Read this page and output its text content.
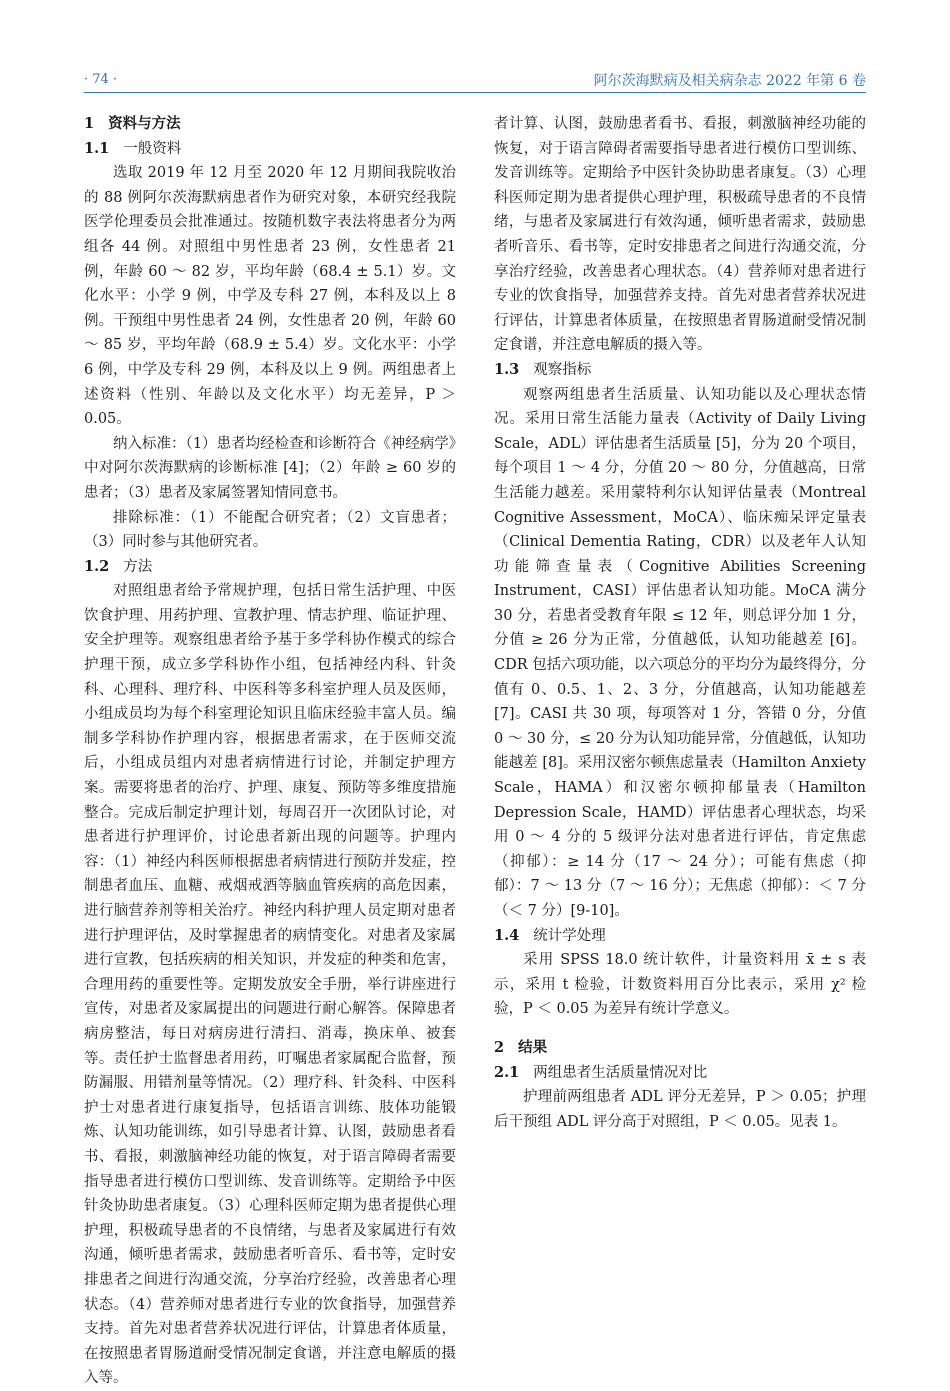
· 74 ·	阿尔茨海默病及相关病杂志 2022 年第 6 卷

1 资料与方法

1.1 一般资料

选取 2019 年 12 月至 2020 年 12 月期间我院收治的 88 例阿尔茨海默病患者作为研究对象，本研究经我院医学伦理委员会批准通过。按随机数字表法将患者分为两组各 44 例。对照组中男性患者 23 例，女性患者 21 例，年龄 60 ～ 82 岁，平均年龄（68.4 ± 5.1）岁。文化水平：小学 9 例，中学及专科 27 例，本科及以上 8 例。干预组中男性患者 24 例，女性患者 20 例，年龄 60 ～ 85 岁，平均年龄（68.9 ± 5.4）岁。文化水平：小学 6 例，中学及专科 29 例，本科及以上 9 例。两组患者上述资料（性别、年龄以及文化水平）均无差异，P ＞ 0.05。

纳入标准：（1）患者均经检查和诊断符合《神经病学》中对阿尔茨海默病的诊断标准 [4]；（2）年龄 ≥ 60 岁的患者；（3）患者及家属签署知情同意书。

排除标准：（1）不能配合研究者；（2）文盲患者；（3）同时参与其他研究者。

1.2 方法

对照组患者给予常规护理，包括日常生活护理、中医饮食护理、用药护理、宣教护理、情志护理、临证护理、安全护理等。观察组患者给予基于多学科协作模式的综合护理干预，成立多学科协作小组，包括神经内科、针灸科、心理科、理疗科、中医科等多科室护理人员及医师，小组成员均为每个科室理论知识且临床经验丰富人员。编制多学科协作护理内容，根据患者需求，在于医师交流后，小组成员组内对患者病情进行讨论，并制定护理方案。需要将患者的治疗、护理、康复、预防等多维度措施整合。完成后制定护理计划，每周召开一次团队讨论，对患者进行护理评价，讨论患者新出现的问题等。护理内容：（1）神经内科医师根据患者病情进行预防并发症，控制患者血压、血糖、戒烟戒酒等脑血管疾病的高危因素，进行脑营养剂等相关治疗。神经内科护理人员定期对患者进行护理评估，及时掌握患者的病情变化。对患者及家属进行宣教，包括疾病的相关知识，并发症的种类和危害，合理用药的重要性等。定期发放安全手册，举行讲座进行宣传，对患者及家属提出的问题进行耐心解答。保障患者病房整洁，每日对病房进行清扫、消毒，换床单、被套等。责任护士监督患者用药，叮嘱患者家属配合监督，预防漏服、用错剂量等情况。（2）理疗科、针灸科、中医科护士对患者进行康复指导，包括语言训练、肢体功能锻炼、认知功能训练，如引导患者计算、认图，鼓励患者看书、看报，刺激脑神经功能的恢复，对于语言障碍者需要指导患者进行模仿口型训练、发音训练等。定期给予中医针灸协助患者康复。（3）心理科医师定期为患者提供心理护理，积极疏导患者的不良情绪，与患者及家属进行有效沟通，倾听患者需求，鼓励患者听音乐、看书等，定时安排患者之间进行沟通交流，分享治疗经验，改善患者心理状态。（4）营养师对患者进行专业的饮食指导，加强营养支持。首先对患者营养状况进行评估，计算患者体质量，在按照患者胃肠道耐受情况制定食谱，并注意电解质的摄入等。

者计算、认图，鼓励患者看书、看报，刺激脑神经功能的恢复，对于语言障碍者需要指导患者进行模仿口型训练、发音训练等。定期给予中医针灸协助患者康复。（3）心理科医师定期为患者提供心理护理，积极疏导患者的不良情绪，与患者及家属进行有效沟通，倾听患者需求，鼓励患者听音乐、看书等，定时安排患者之间进行沟通交流，分享治疗经验，改善患者心理状态。（4）营养师对患者进行专业的饮食指导，加强营养支持。首先对患者营养状况进行评估，计算患者体质量，在按照患者胃肠道耐受情况制定食谱，并注意电解质的摄入等。

1.3 观察指标

观察两组患者生活质量、认知功能以及心理状态情况。采用日常生活能力量表（Activity of Daily Living Scale，ADL）评估患者生活质量 [5]，分为 20 个项目，每个项目 1 ～ 4 分，分值 20 ～ 80 分，分值越高，日常生活能力越差。采用蒙特利尔认知评估量表（Montreal Cognitive Assessment，MoCA）、临床痴呆评定量表（Clinical Dementia Rating，CDR）以及老年人认知功能筛查量表（Cognitive Abilities Screening Instrument，CASI）评估患者认知功能。MoCA 满分 30 分，若患者受教育年限 ≤ 12 年，则总评分加 1 分，分值 ≥ 26 分为正常，分值越低，认知功能越差 [6]。CDR 包括六项功能，以六项总分的平均分为最终得分，分值有 0、0.5、1、2、3 分，分值越高，认知功能越差 [7]。CASI 共 30 项，每项答对 1 分，答错 0 分，分值 0 ～ 30 分，≤ 20 分为认知功能异常，分值越低，认知功能越差 [8]。采用汉密尔顿焦虑量表（Hamilton Anxiety Scale，HAMA）和汉密尔顿抑郁量表（Hamilton Depression Scale，HAMD）评估患者心理状态，均采用 0 ～ 4 分的 5 级评分法对患者进行评估，肯定焦虑（抑郁）：≥ 14 分（17 ～ 24 分）；可能有焦虑（抑郁）：7 ～ 13 分（7 ～ 16 分）；无焦虑（抑郁）：＜ 7 分（＜ 7 分）[9-10]。

1.4 统计学处理

采用 SPSS 18.0 统计软件，计量资料用 x̄ ± s 表示，采用 t 检验，计数资料用百分比表示，采用 χ² 检验，P ＜ 0.05 为差异有统计学意义。

2 结果

2.1 两组患者生活质量情况对比

护理前两组患者 ADL 评分无差异，P ＞ 0.05；护理后干预组 ADL 评分高于对照组，P ＜ 0.05。见表 1。
